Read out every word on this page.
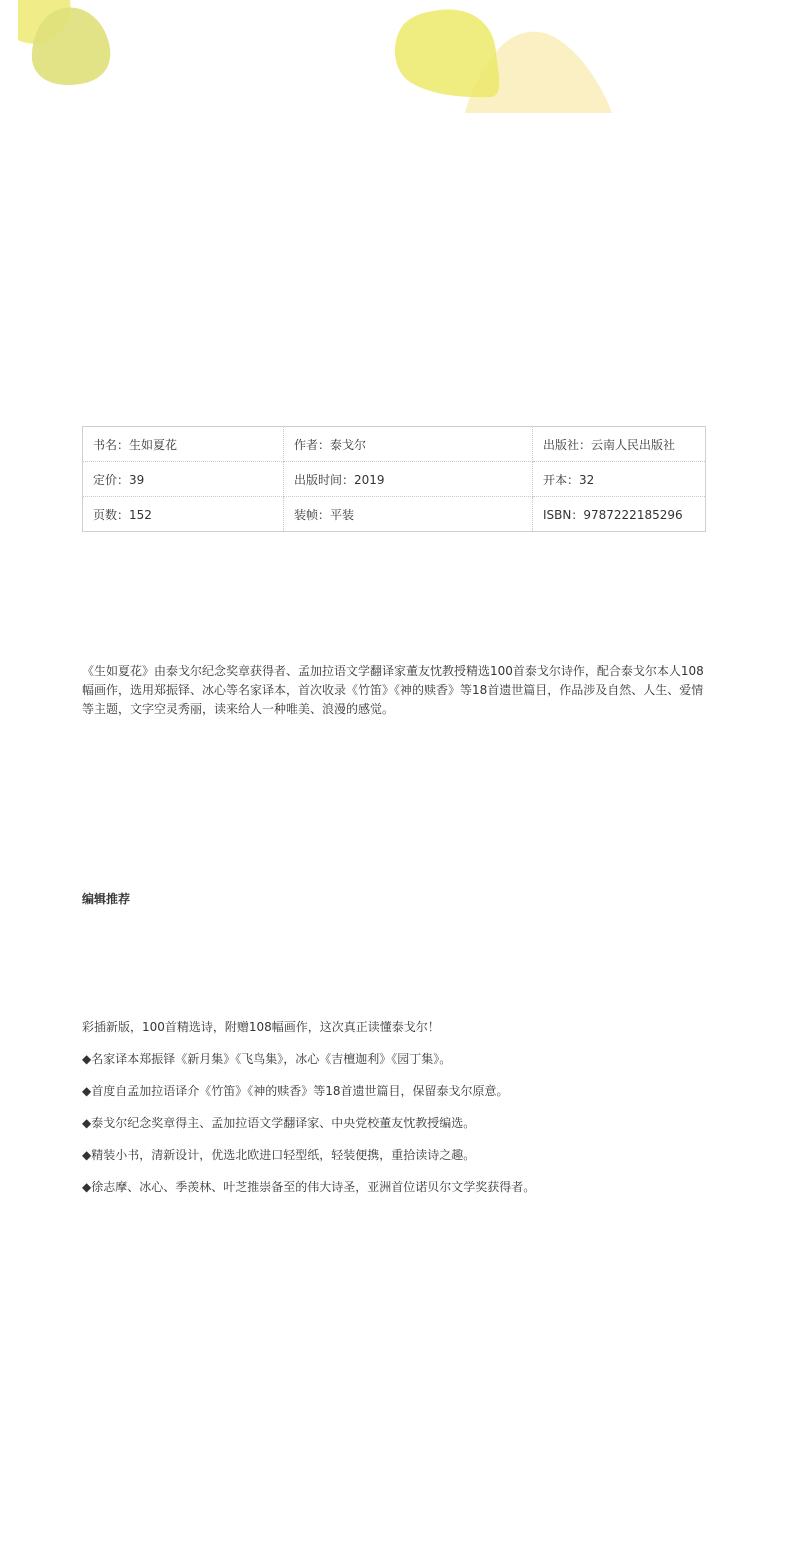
书名：生如夏花	作者：泰戈尔	出版社：云南人民出版社
定价：39	出版时间：2019	开本：32
页数：152	装帧：平装	ISBN：9787222185296

《生如夏花》由泰戈尔纪念奖章获得者、孟加拉语文学翻译家董友忱教授精选100首泰戈尔诗作，配合泰戈尔本人108幅画作，选用郑振铎、冰心等名家译本，首次收录《竹笛》《神的赎香》等18首遗世篇目，作品涉及自然、人生、爱情等主题，文字空灵秀丽，读来给人一种唯美、浪漫的感觉。

编辑推荐
彩插新版，100首精选诗，附赠108幅画作，这次真正读懂泰戈尔！
◆名家译本郑振铎《新月集》《飞鸟集》，冰心《吉檀迦利》《园丁集》。
◆首度自孟加拉语译介《竹笛》《神的赎香》等18首遗世篇目，保留泰戈尔原意。
◆泰戈尔纪念奖章得主、孟加拉语文学翻译家、中央党校董友忱教授编选。
◆精装小书，清新设计，优选北欧进口轻型纸，轻装便携，重拾读诗之趣。
◆徐志摩、冰心、季羡林、叶芝推崇备至的伟大诗圣，亚洲首位诺贝尔文学奖获得者。
